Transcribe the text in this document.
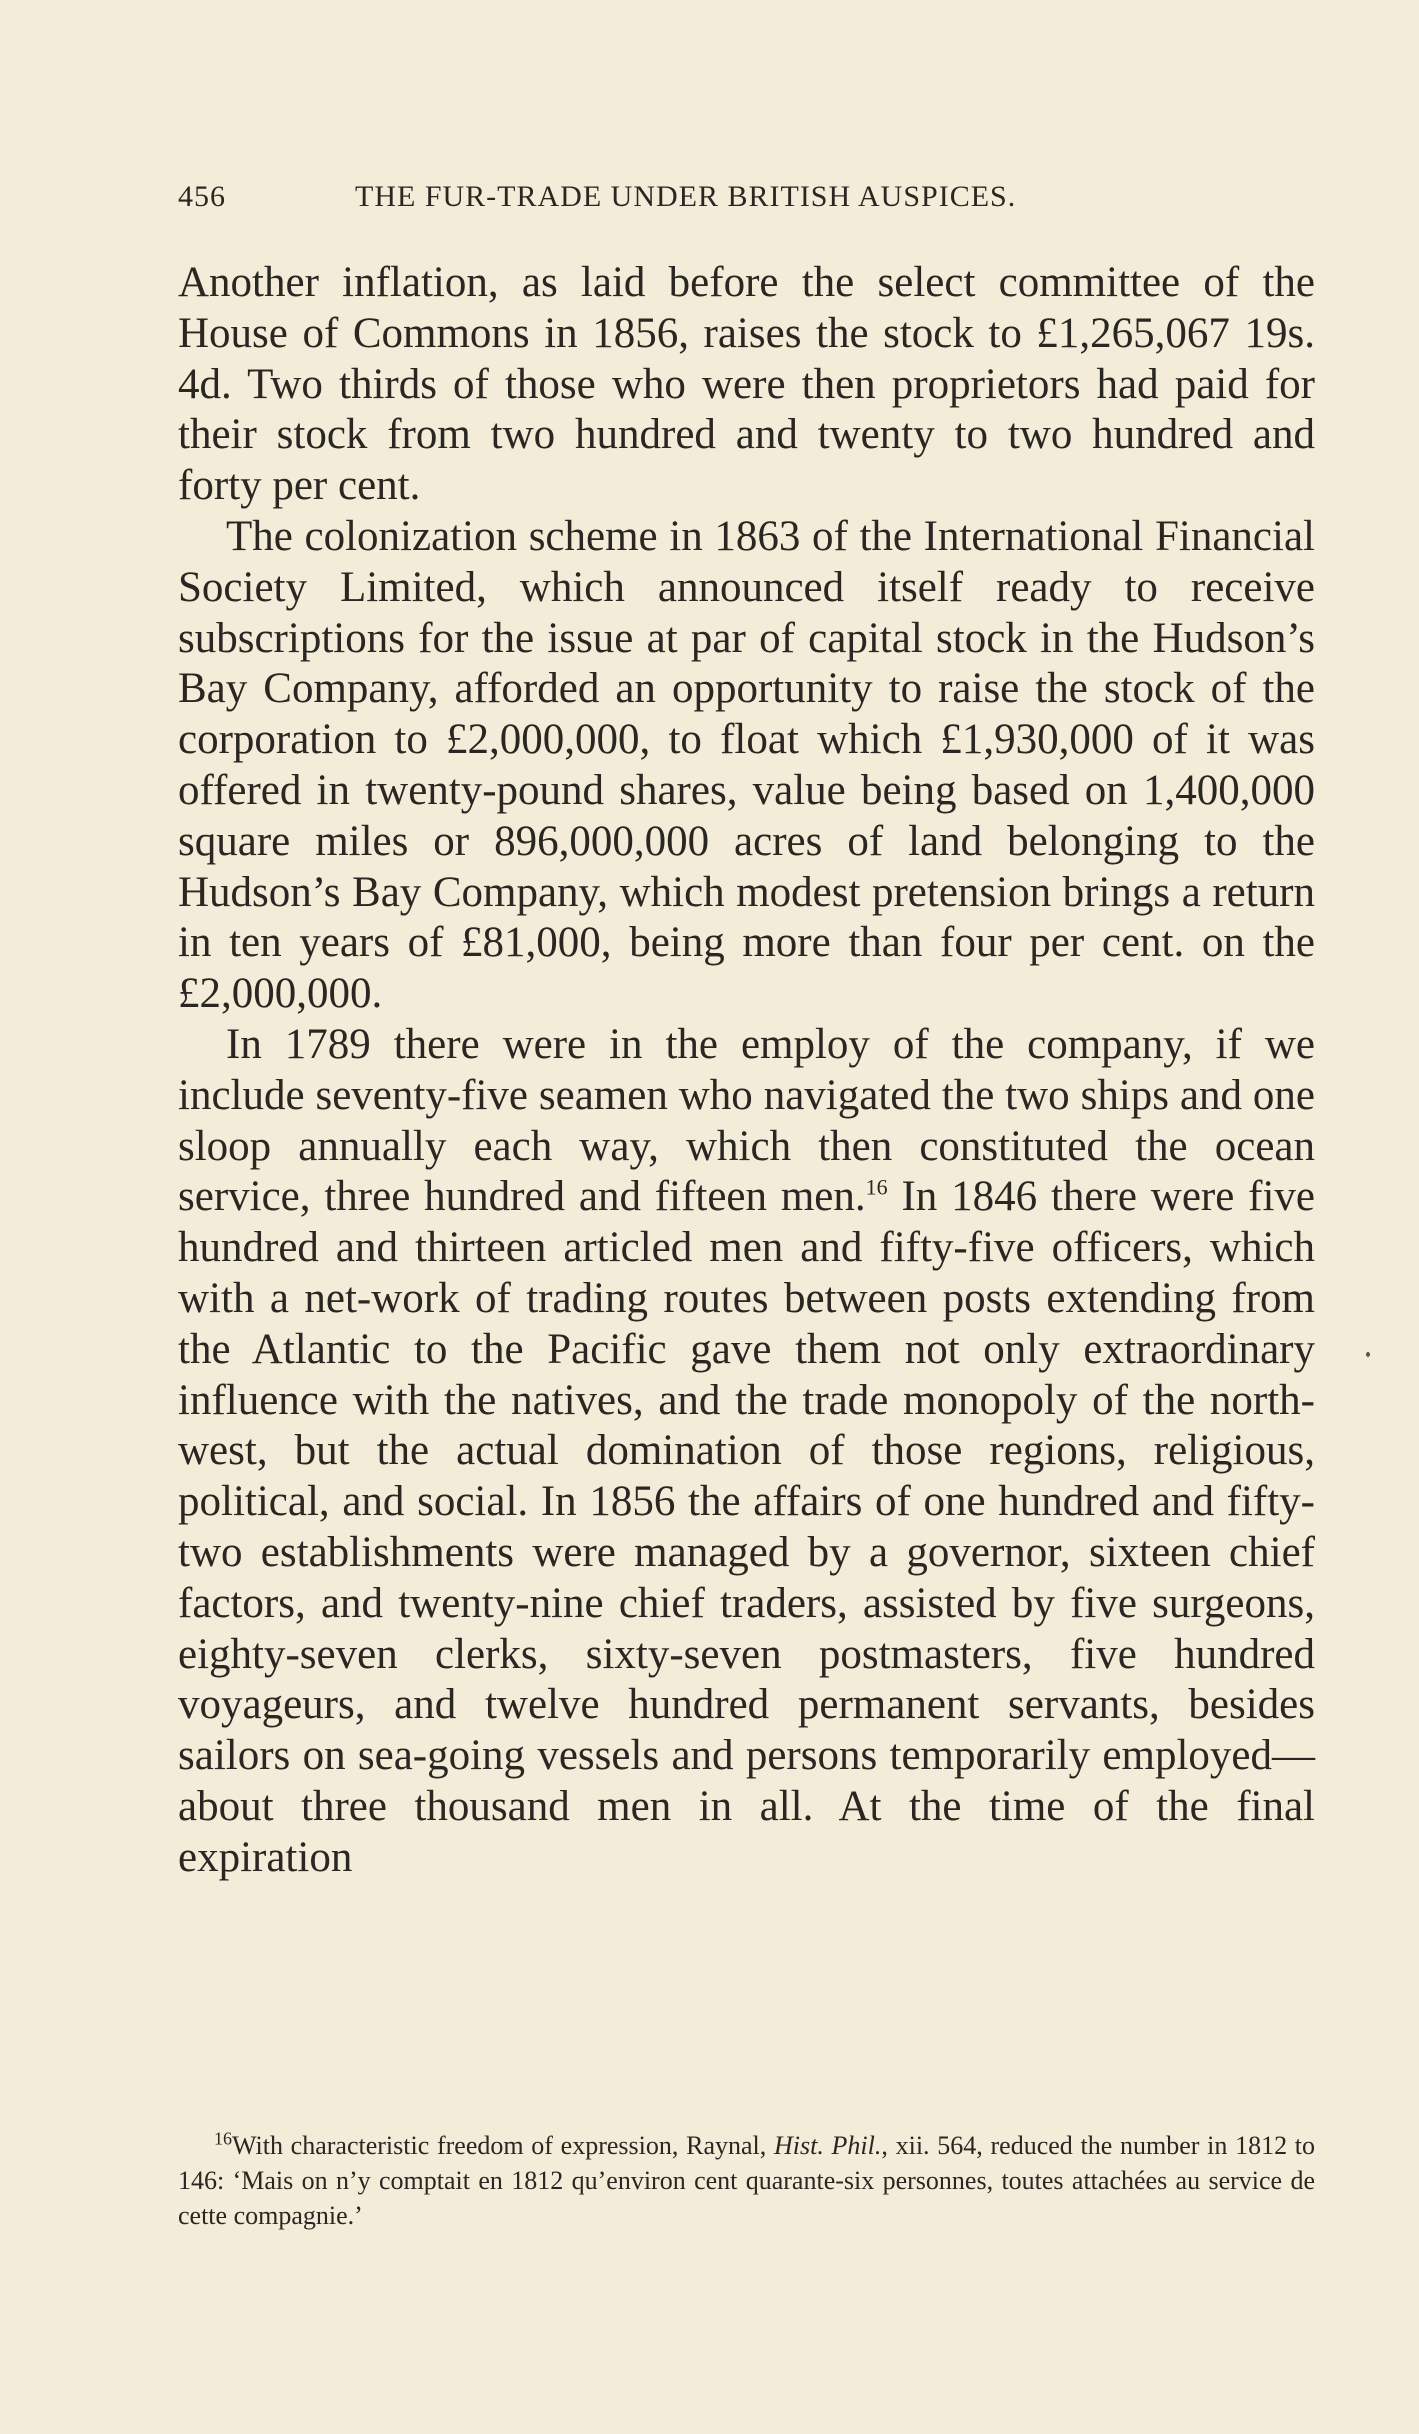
456	THE FUR-TRADE UNDER BRITISH AUSPICES.

Another inflation, as laid before the select committee of the House of Commons in 1856, raises the stock to £1,265,067 19s. 4d. Two thirds of those who were then proprietors had paid for their stock from two hundred and twenty to two hundred and forty per cent.

The colonization scheme in 1863 of the International Financial Society Limited, which announced itself ready to receive subscriptions for the issue at par of capital stock in the Hudson’s Bay Company, afforded an opportunity to raise the stock of the corporation to £2,000,000, to float which £1,930,000 of it was offered in twenty-pound shares, value being based on 1,400,000 square miles or 896,000,000 acres of land belonging to the Hudson’s Bay Company, which modest pretension brings a return in ten years of £81,000, being more than four per cent. on the £2,000,000.

In 1789 there were in the employ of the company, if we include seventy-five seamen who navigated the two ships and one sloop annually each way, which then constituted the ocean service, three hundred and fifteen men.$^{16}$ In 1846 there were five hundred and thirteen articled men and fifty-five officers, which with a net-work of trading routes between posts extending from the Atlantic to the Pacific gave them not only extraordinary influence with the natives, and the trade monopoly of the north-west, but the actual domination of those regions, religious, political, and social. In 1856 the affairs of one hundred and fifty-two establishments were managed by a governor, sixteen chief factors, and twenty-nine chief traders, assisted by five surgeons, eighty-seven clerks, sixty-seven postmasters, five hundred voyageurs, and twelve hundred permanent servants, besides sailors on sea-going vessels and persons temporarily employed—about three thousand men in all. At the time of the final expiration

$^{16}$With characteristic freedom of expression, Raynal, Hist. Phil., xii. 564, reduced the number in 1812 to 146: ‘Mais on n’y comptait en 1812 qu’environ cent quarante-six personnes, toutes attachées au service de cette compagnie.’
